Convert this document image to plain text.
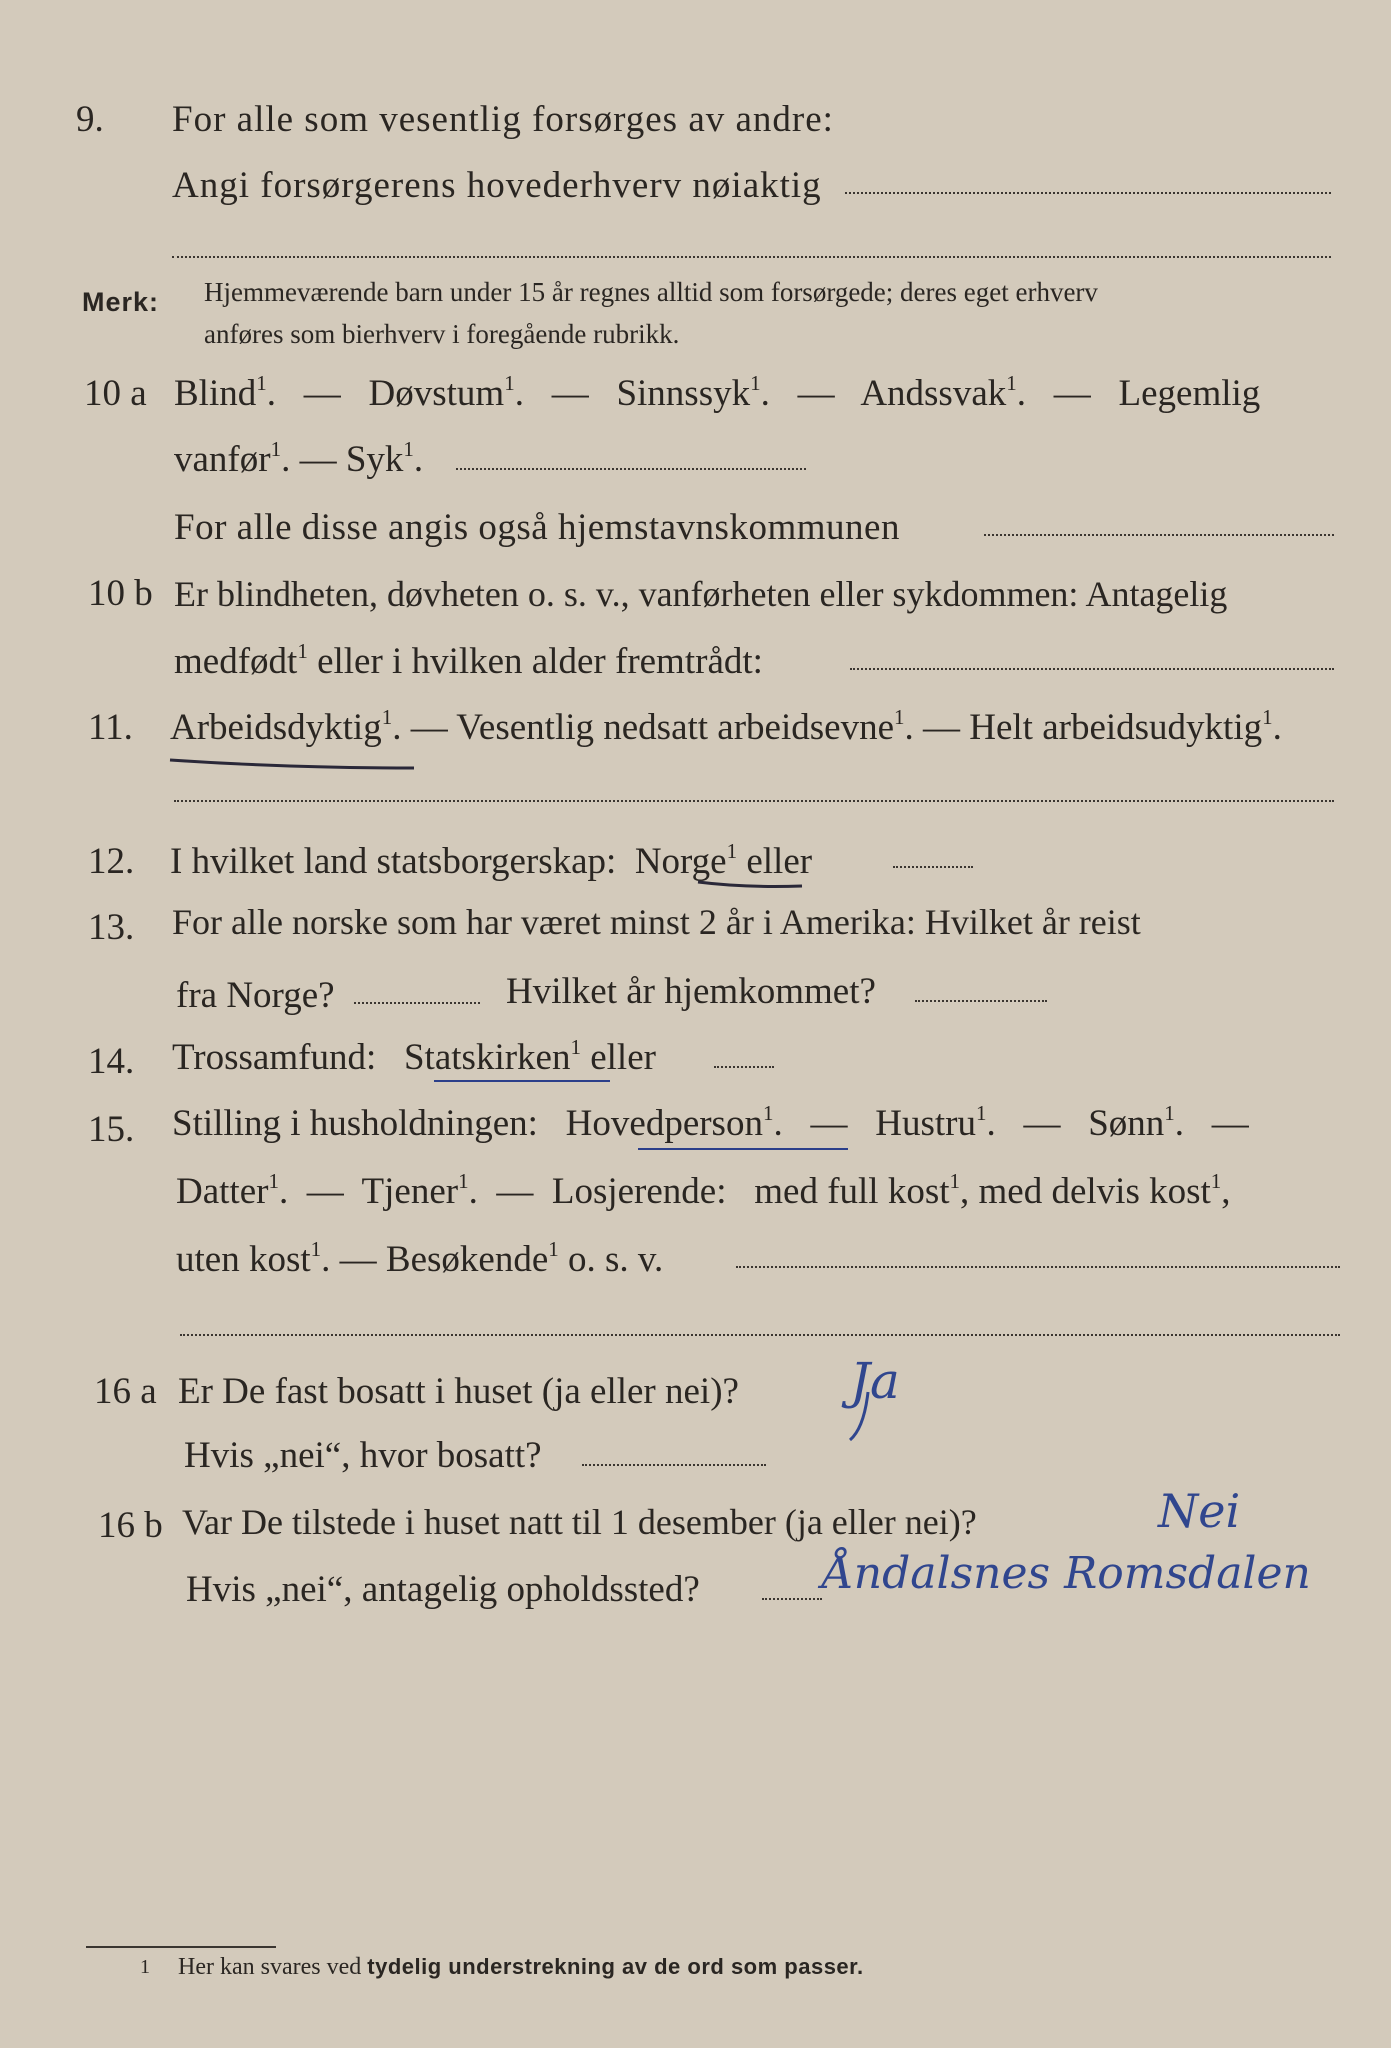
9. For alle som vesentlig forsørges av andre:
Angi forsørgerens hovederhverv nøiaktig
Merk: Hjemmeværende barn under 15 år regnes alltid som forsørgede; deres eget erhverv
anføres som bierhverv i foregående rubrikk.
10 a Blind$^1$. — Døvstum$^1$. — Sinnssyk$^1$. — Andssvak$^1$. — Legemlig
vanfør$^1$. — Syk$^1$.
For alle disse angis også hjemstavnskommunen
10 b Er blindheten, døvheten o. s. v., vanførheten eller sykdommen: Antagelig
medfødt$^1$ eller i hvilken alder fremtrådt:
11. Arbeidsdyktig$^1$. — Vesentlig nedsatt arbeidsevne$^1$. — Helt arbeidsudyktig$^1$.
12. I hvilket land statsborgerskap: Norge$^1$ eller
13. For alle norske som har været minst 2 år i Amerika: Hvilket år reist
fra Norge?	Hvilket år hjemkommet?
14. Trossamfund: Statskirken$^1$ eller
15. Stilling i husholdningen: Hovedperson$^1$. — Hustru$^1$. — Sønn$^1$. —
Datter$^1$. — Tjener$^1$. — Losjerende: med full kost$^1$, med delvis kost$^1$,
uten kost$^1$. — Besøkende$^1$ o. s. v.
16 a Er De fast bosatt i huset (ja eller nei)? Ja
Hvis „nei“, hvor bosatt?
16 b Var De tilstede i huset natt til 1 desember (ja eller nei)?	Nei
Hvis „nei“, antagelig opholdssted?	Åndalsnes Romsdalen
1 Her kan svares ved tydelig understrekning av de ord som passer.
